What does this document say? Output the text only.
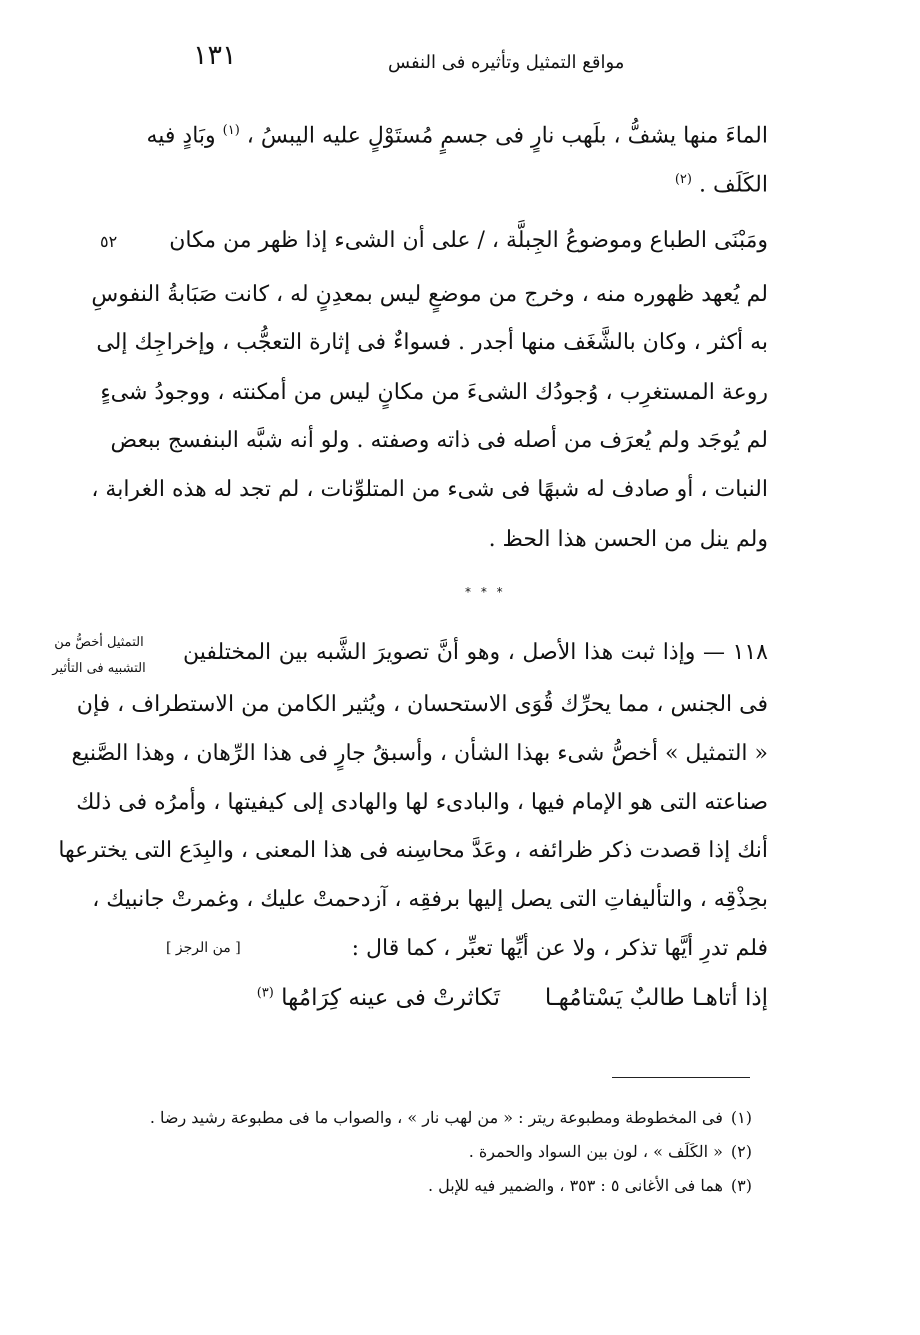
١٣١	مواقع التمثيل وتأثيره فى النفس
٥٢
التمثيل أخصُّ من
التشبيه فى التأثير
الماءَ منها يشفُّ ، بلَهب نارٍ فى جسمٍ مُستَوْلٍ عليه اليبسُ ، $^{(١)}$ وبَادٍ فيه
الكَلَف . $^{(٢)}$
ومَبْنَى الطباع وموضوعُ الجِبلَّة ، / على أن الشىء إذا ظهر من مكان
لم يُعهد ظهوره منه ، وخرج من موضعٍ ليس بمعدِنٍ له ، كانت صَبَابةُ النفوسِ
به أكثر ، وكان بالشَّغَف منها أجدر . فسواءٌ فى إثارة التعجُّب ، وإخراجِك إلى
روعة المستغرِب ، وُجودُك الشىءَ من مكانٍ ليس من أمكنته ، ووجودُ شىءٍ
لم يُوجَد ولم يُعرَف من أصله فى ذاته وصفته . ولو أنه شبَّه البنفسج ببعض
النبات ، أو صادف له شبهًا فى شىء من المتلوِّنات ، لم تجد له هذه الغرابة ،
ولم ينل من الحسن هذا الحظ .
* * *
١١٨ — وإذا ثبت هذا الأصل ، وهو أنَّ تصويرَ الشَّبه بين المختلفين
فى الجنس ، مما يحرِّك قُوَى الاستحسان ، ويُثير الكامن من الاستطراف ، فإن
« التمثيل » أخصُّ شىء بهذا الشأن ، وأسبقُ جارٍ فى هذا الرِّهان ، وهذا الصَّنيع
صناعته التى هو الإمام فيها ، والبادىء لها والهادى إلى كيفيتها ، وأمرُه فى ذلك
أنك إذا قصدت ذكر ظرائفه ، وعَدَّ محاسِنه فى هذا المعنى ، والبِدَع التى يخترعها
بحِذْقِه ، والتأليفاتِ التى يصل إليها برفقِه ، آزدحمتْ عليك ، وغمرتْ جانبيك ،
فلم تدرِ أيَّها تذكر ، ولا عن أيِّها تعبِّر ، كما قال :
[ من الرجز ]
إذا أتاهـا طالبٌ يَسْتامُهـا
تَكاثرتْ فى عينه كِرَامُها $^{(٣)}$
(١)فى المخطوطة ومطبوعة ريتر : « من لهب نار » ، والصواب ما فى مطبوعة رشيد رضا .
(٢)« الكَلَف » ، لون بين السواد والحمرة .
(٣)هما فى الأغانى ٥ : ٣٥٣ ، والضمير فيه للإبل .
